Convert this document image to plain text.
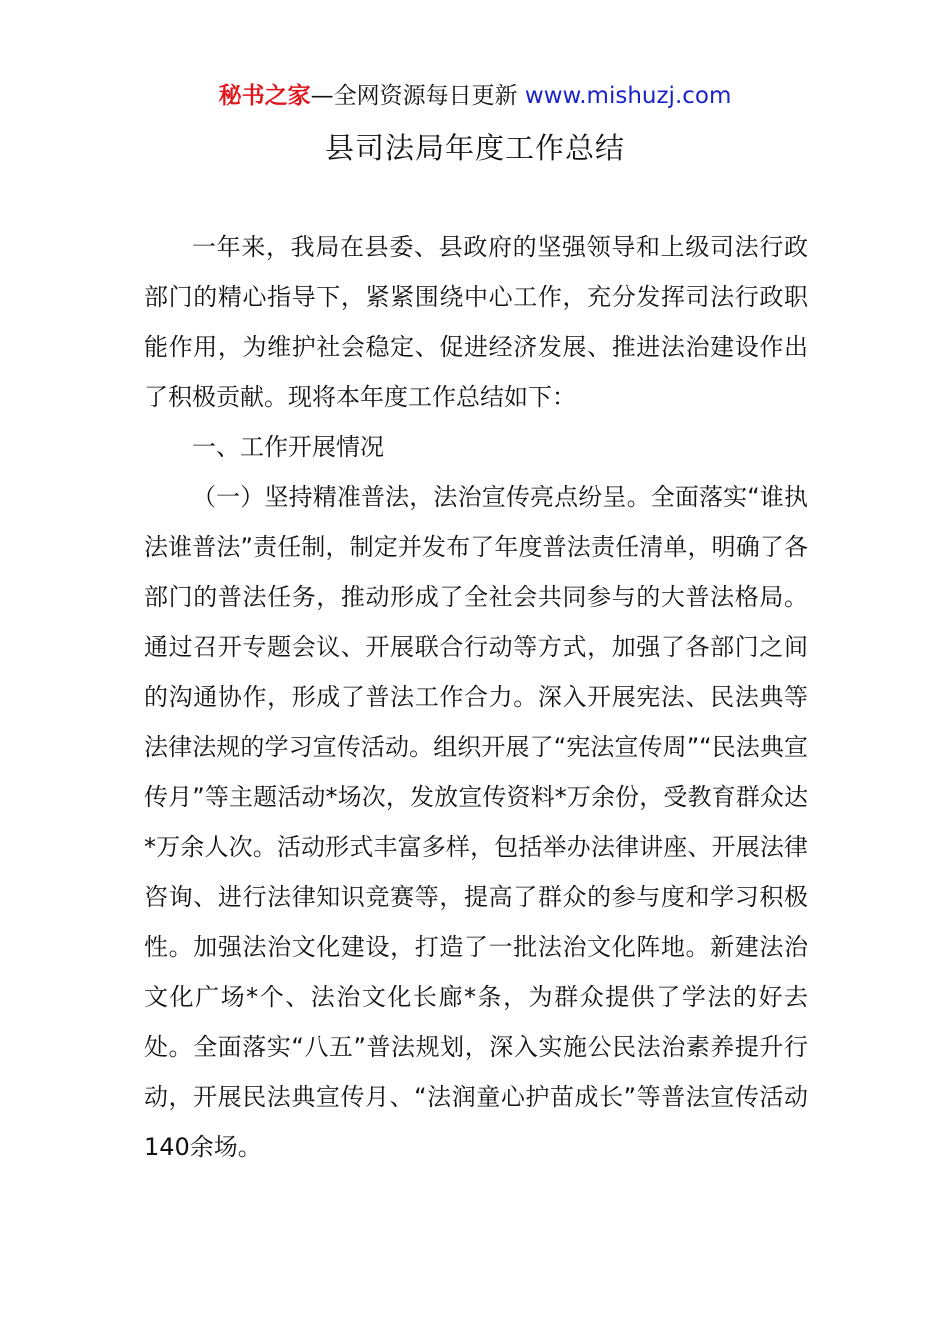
秘书之家—全网资源每日更新 www.mishuzj.com
县司法局年度工作总结

一年来，我局在县委、县政府的坚强领导和上级司法行政部门的精心指导下，紧紧围绕中心工作，充分发挥司法行政职能作用，为维护社会稳定、促进经济发展、推进法治建设作出了积极贡献。现将本年度工作总结如下：

一、工作开展情况

（一）坚持精准普法，法治宣传亮点纷呈。全面落实“谁执法谁普法”责任制，制定并发布了年度普法责任清单，明确了各部门的普法任务，推动形成了全社会共同参与的大普法格局。通过召开专题会议、开展联合行动等方式，加强了各部门之间的沟通协作，形成了普法工作合力。深入开展宪法、民法典等法律法规的学习宣传活动。组织开展了“宪法宣传周”“民法典宣传月”等主题活动*场次，发放宣传资料*万余份，受教育群众达*万余人次。活动形式丰富多样，包括举办法律讲座、开展法律咨询、进行法律知识竞赛等，提高了群众的参与度和学习积极性。加强法治文化建设，打造了一批法治文化阵地。新建法治文化广场*个、法治文化长廊*条，为群众提供了学法的好去处。全面落实“八五”普法规划，深入实施公民法治素养提升行动，开展民法典宣传月、“法润童心护苗成长”等普法宣传活动140余场。
